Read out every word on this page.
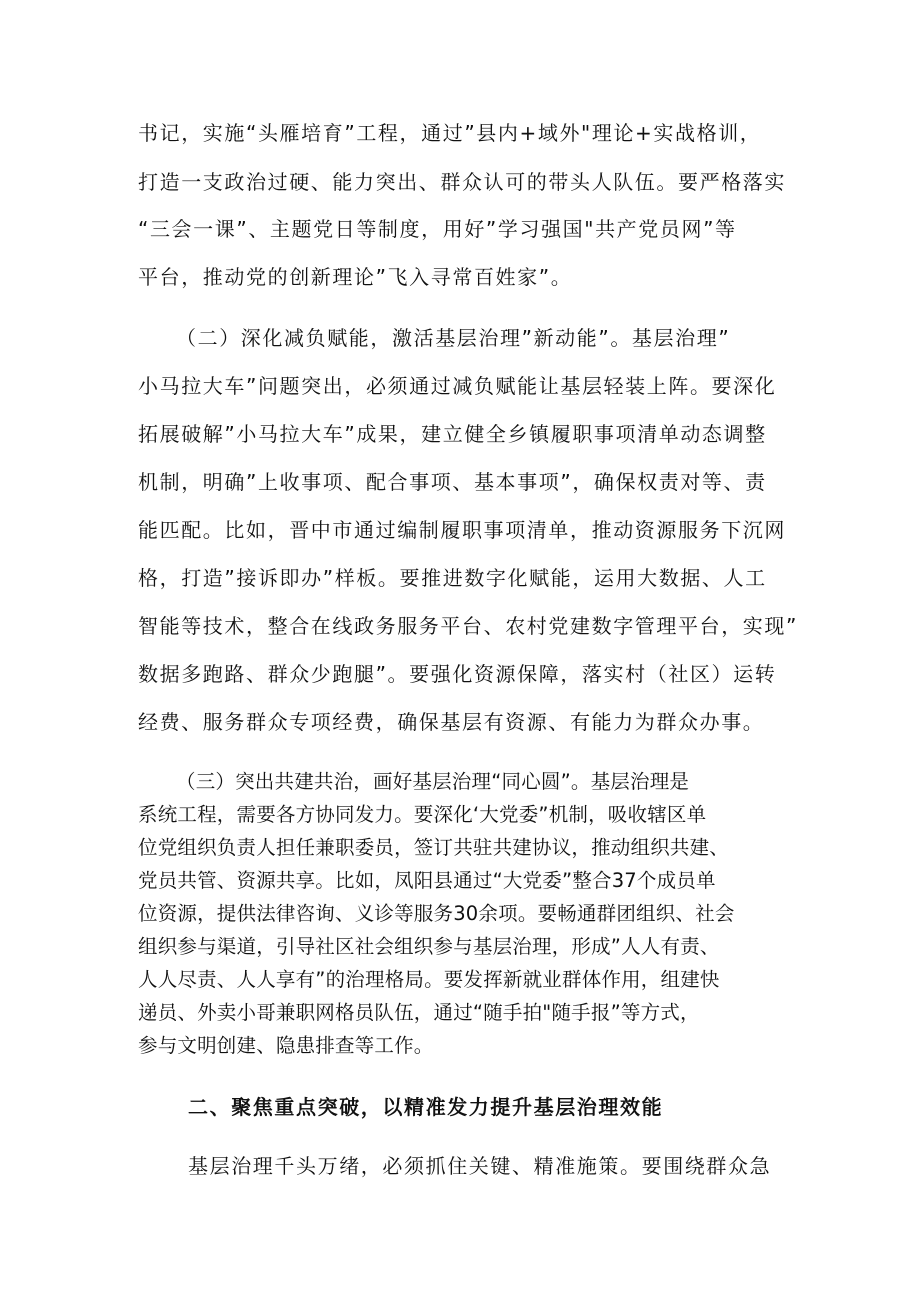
书记，实施“头雁培育”工程，通过”县内+域外"理论+实战格训，
打造一支政治过硬、能力突出、群众认可的带头人队伍。要严格落实
“三会一课”、主题党日等制度，用好”学习强国"共产党员网”等
平台，推动党的创新理论”飞入寻常百姓家”。
（二）深化减负赋能，激活基层治理”新动能”。基层治理”
小马拉大车”问题突出，必须通过减负赋能让基层轻装上阵。要深化
拓展破解”小马拉大车”成果，建立健全乡镇履职事项清单动态调整
机制，明确”上收事项、配合事项、基本事项”，确保权责对等、责
能匹配。比如，晋中市通过编制履职事项清单，推动资源服务下沉网
格，打造”接诉即办”样板。要推进数字化赋能，运用大数据、人工
智能等技术，整合在线政务服务平台、农村党建数字管理平台，实现”
数据多跑路、群众少跑腿”。要强化资源保障，落实村（社区）运转
经费、服务群众专项经费，确保基层有资源、有能力为群众办事。
（三）突出共建共治，画好基层治理“同心圆”。基层治理是
系统工程，需要各方协同发力。要深化‘大党委”机制，吸收辖区单
位党组织负责人担任兼职委员，签订共驻共建协议，推动组织共建、
党员共管、资源共享。比如，凤阳县通过“大党委”整合37个成员单
位资源，提供法律咨询、义诊等服务30余项。要畅通群团组织、社会
组织参与渠道，引导社区社会组织参与基层治理，形成”人人有责、
人人尽责、人人享有”的治理格局。要发挥新就业群体作用，组建快
递员、外卖小哥兼职网格员队伍，通过“随手拍"随手报”等方式，
参与文明创建、隐患排查等工作。
二、聚焦重点突破，以精准发力提升基层治理效能
基层治理千头万绪，必须抓住关键、精准施策。要围绕群众急
